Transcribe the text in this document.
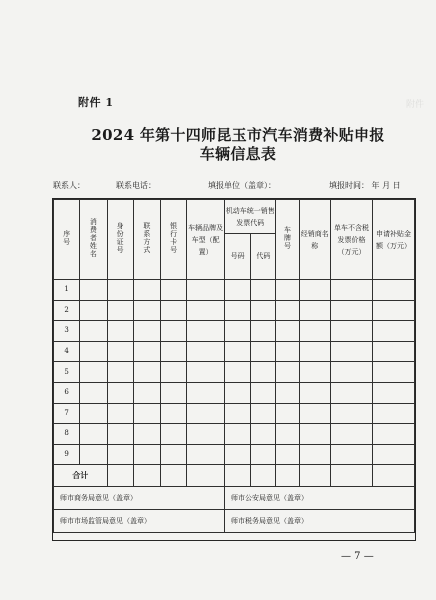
附件
附件 1
2024 年第十四师昆玉市汽车消费补贴申报
车辆信息表
联系人：	联系电话：	填报单位（盖章）：	填报时间： 年 月 日
序号	消费者姓名	身份证号	联系方式	银行卡号	车辆品牌及车型（配置）	机动车统一销售发票代码		车牌号	经销商名称	单车不含税发票价格（万元）	申请补贴金额（万元）
						号码	代码				
1											
2											
3											
4											
5											
6											
7											
8											
9											
合计											
师市商务局意见（盖章）						师市公安局意见（盖章）					
师市市场监管局意见（盖章）						师市税务局意见（盖章）					
— 7 —
